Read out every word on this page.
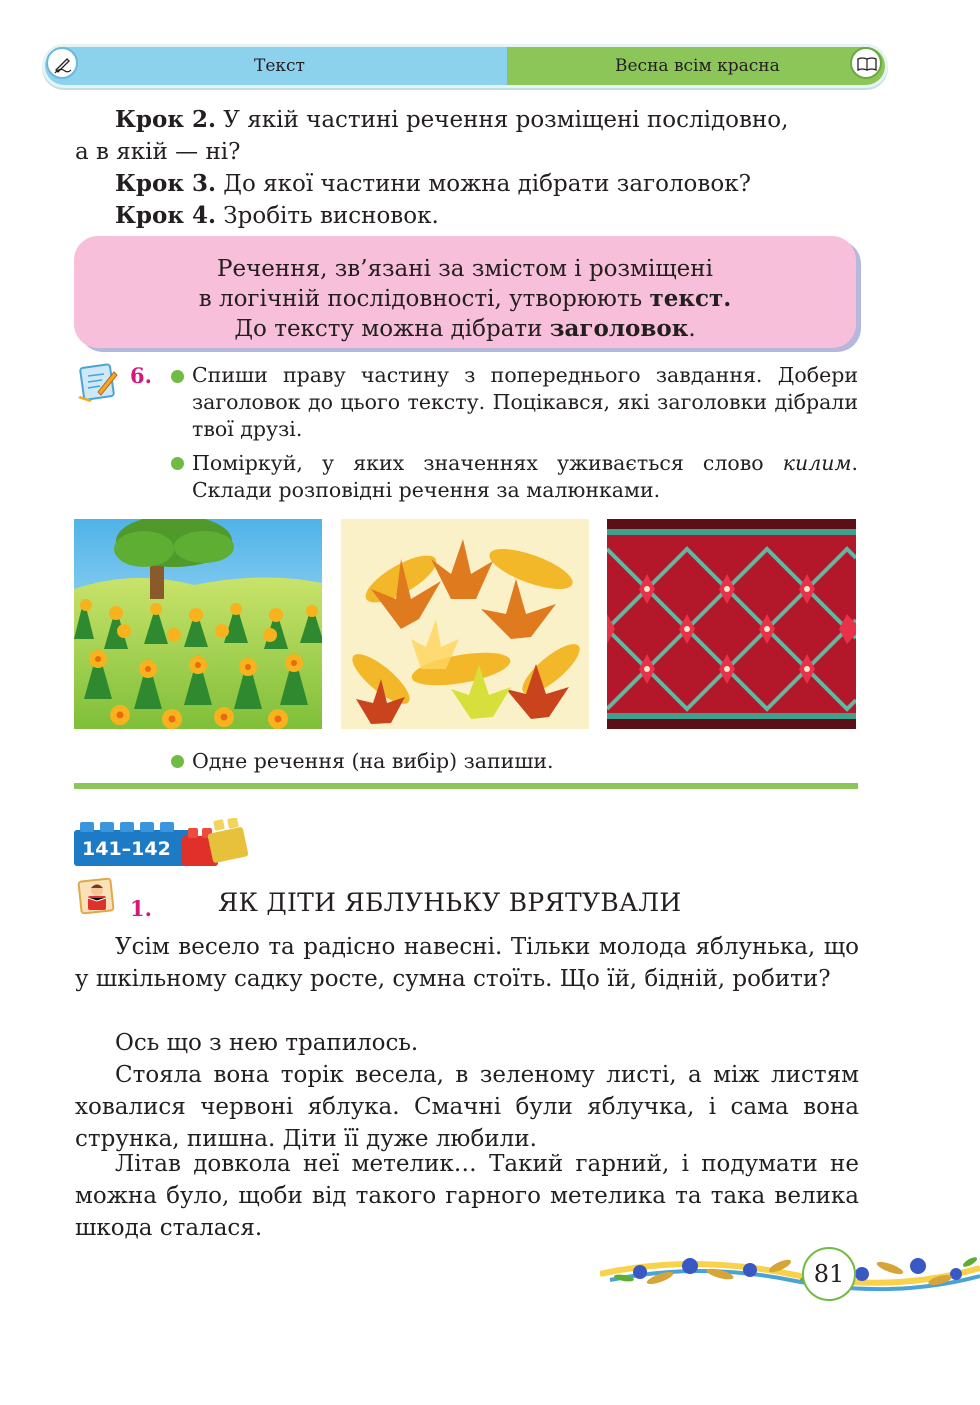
Текст	Весна всім красна
Крок 2. У якій частині речення розміщені послідовно,

а в якій — ні?
Крок 3. До якої частини можна дібрати заголовок?
Крок 4. Зробіть висновок.
Речення, зв’язані за змістом і розміщені
в логічній послідовності, утворюють текст.
До тексту можна дібрати заголовок.
6. Спиши праву частину з попереднього завдання. Добери заголовок до цього тексту. Поцікався, які заголовки дібрали твої друзі.
Поміркуй, у яких значеннях уживається слово килим. Склади розповідні речення за малюнками.
Одне речення (на вибір) запиши.
141–142
1.	ЯК ДІТИ ЯБЛУНЬКУ ВРЯТУВАЛИ
Усім весело та радісно навесні. Тільки молода яблунька, що у шкільному садку росте, сумна стоїть. Що їй, бідній, робити?
Ось що з нею трапилось.
Стояла вона торік весела, в зеленому листі, а між листям ховалися червоні яблука. Смачні були яблучка, і сама вона стрункa, пишна. Діти її дуже любили.
Літав довкола неї метелик… Такий гарний, і подумати не можна було, щоби від такого гарного метелика та така велика шкода сталася.
81
